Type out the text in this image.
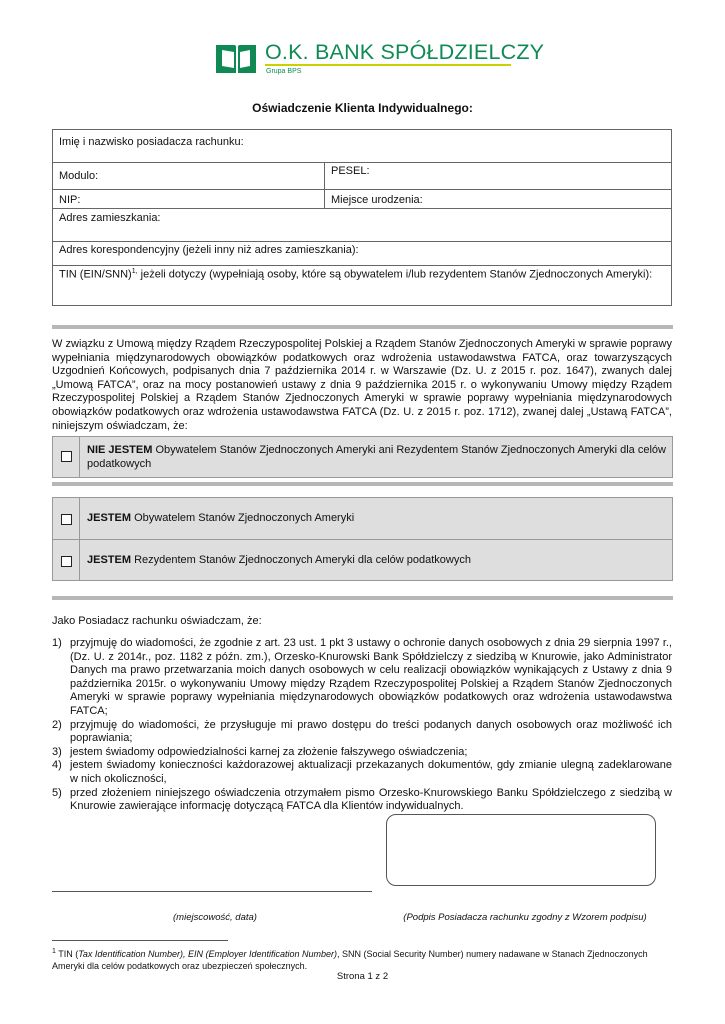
O.K. BANK SPÓŁDZIELCZY
Grupa BPS
Oświadczenie Klienta Indywidualnego:
Imię i nazwisko posiadacza rachunku:
Modulo:	PESEL:
NIP:	Miejsce urodzenia:
Adres zamieszkania:
Adres korespondencyjny (jeżeli inny niż adres zamieszkania):
TIN $(EIN/SNN)^{1,}$ jeżeli dotyczy (wypełniają osoby, które są obywatelem i/lub rezydentem Stanów Zjednoczonych Ameryki):
W związku z Umową między Rządem Rzeczypospolitej Polskiej a Rządem Stanów Zjednoczonych Ameryki w sprawie poprawy wypełniania międzynarodowych obowiązków podatkowych oraz wdrożenia ustawodawstwa FATCA, oraz towarzyszących Uzgodnień Końcowych, podpisanych dnia 7 października 2014 r. w Warszawie (Dz. U. z 2015 r. poz. 1647), zwanych dalej „Umową FATCA”, oraz na mocy postanowień ustawy z dnia 9 października 2015 r. o wykonywaniu Umowy między Rządem Rzeczypospolitej Polskiej a Rządem Stanów Zjednoczonych Ameryki w sprawie poprawy wypełniania międzynarodowych obowiązków podatkowych oraz wdrożenia ustawodawstwa FATCA (Dz. U. z 2015 r. poz. 1712), zwanej dalej „Ustawą FATCA”, niniejszym oświadczam, że:
NIE JESTEM Obywatelem Stanów Zjednoczonych Ameryki ani Rezydentem Stanów Zjednoczonych Ameryki dla celów podatkowych
JESTEM Obywatelem Stanów Zjednoczonych Ameryki
JESTEM Rezydentem Stanów Zjednoczonych Ameryki dla celów podatkowych
Jako Posiadacz rachunku oświadczam, że:
1) przyjmuję do wiadomości, że zgodnie z art. 23 ust. 1 pkt 3 ustawy o ochronie danych osobowych z dnia 29 sierpnia 1997 r., (Dz. U. z 2014r., poz. 1182 z późn. zm.), Orzesko-Knurowski Bank Spółdzielczy z siedzibą w Knurowie, jako Administrator Danych ma prawo przetwarzania moich danych osobowych w celu realizacji obowiązków wynikających z Ustawy z dnia 9 października 2015r. o wykonywaniu Umowy między Rządem Rzeczypospolitej Polskiej a Rządem Stanów Zjednoczonych Ameryki w sprawie poprawy wypełniania międzynarodowych obowiązków podatkowych oraz wdrożenia ustawodawstwa FATCA;
2) przyjmuję do wiadomości, że przysługuje mi prawo dostępu do treści podanych danych osobowych oraz możliwość ich poprawiania;
3) jestem świadomy odpowiedzialności karnej za złożenie fałszywego oświadczenia;
4) jestem świadomy konieczności każdorazowej aktualizacji przekazanych dokumentów, gdy zmianie ulegną zadeklarowane w nich okoliczności,
5) przed złożeniem niniejszego oświadczenia otrzymałem pismo Orzesko-Knurowskiego Banku Spółdzielczego z siedzibą w Knurowie zawierające informację dotyczącą FATCA dla Klientów indywidualnych.
(miejscowość, data)	(Podpis Posiadacza rachunku zgodny z Wzorem podpisu)
$^1$ TIN (Tax Identification Number), EIN (Employer Identification Number), SNN (Social Security Number) numery nadawane w Stanach Zjednoczonych Ameryki dla celów podatkowych oraz ubezpieczeń społecznych.
Strona 1 z 2
